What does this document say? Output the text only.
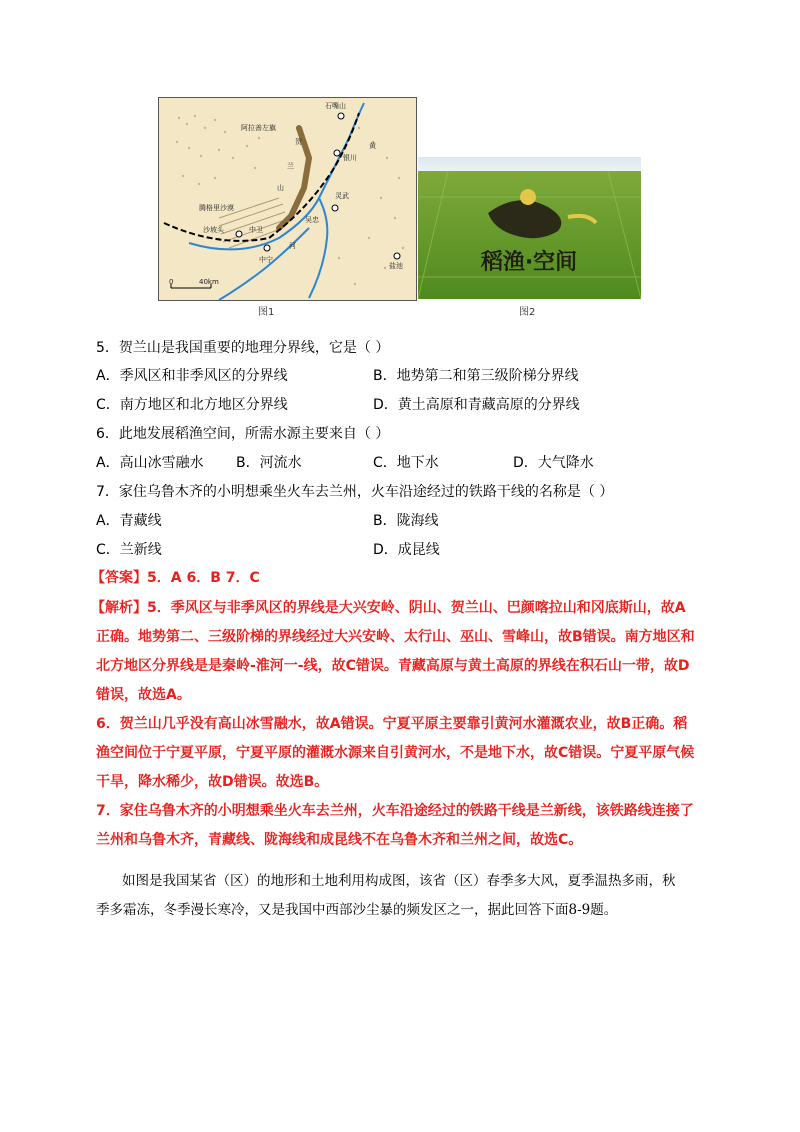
石嘴山
阿拉善左旗
腾格里沙漠
银川
灵武
吴忠
沙坡头	中卫
中宁
盐池
贺
兰
山
黄
河
0	40km
图1
稻渔·空间
图2
5．贺兰山是我国重要的地理分界线，它是（ ）
A．季风区和非季风区的分界线	B．地势第二和第三级阶梯分界线
C．南方地区和北方地区分界线	D．黄土高原和青藏高原的分界线
6．此地发展稻渔空间，所需水源主要来自（ ）
A．高山冰雪融水 B．河流水	C．地下水	D．大气降水
7．家住乌鲁木齐的小明想乘坐火车去兰州，火车沿途经过的铁路干线的名称是（ ）
A．青藏线	B．陇海线
C．兰新线	D．成昆线
【答案】5．A 6．B 7．C
【解析】5．季风区与非季风区的界线是大兴安岭、阴山、贺兰山、巴颜喀拉山和冈底斯山，故A
正确。地势第二、三级阶梯的界线经过大兴安岭、太行山、巫山、雪峰山，故B错误。南方地区和
北方地区分界线是是秦岭-淮河一-线，故C错误。青藏高原与黄土高原的界线在积石山一带，故D
错误，故选A。
6．贺兰山几乎没有高山冰雪融水，故A错误。宁夏平原主要靠引黄河水灌溉农业，故B正确。稻
渔空间位于宁夏平原，宁夏平原的灌溉水源来自引黄河水，不是地下水，故C错误。宁夏平原气候
干旱，降水稀少，故D错误。故选B。
7．家住乌鲁木齐的小明想乘坐火车去兰州，火车沿途经过的铁路干线是兰新线，该铁路线连接了
兰州和乌鲁木齐，青藏线、陇海线和成昆线不在乌鲁木齐和兰州之间，故选C。
如图是我国某省（区）的地形和土地利用构成图，该省（区）春季多大风，夏季温热多雨，秋
季多霜冻，冬季漫长寒冷，又是我国中西部沙尘暴的频发区之一，据此回答下面8-9题。
